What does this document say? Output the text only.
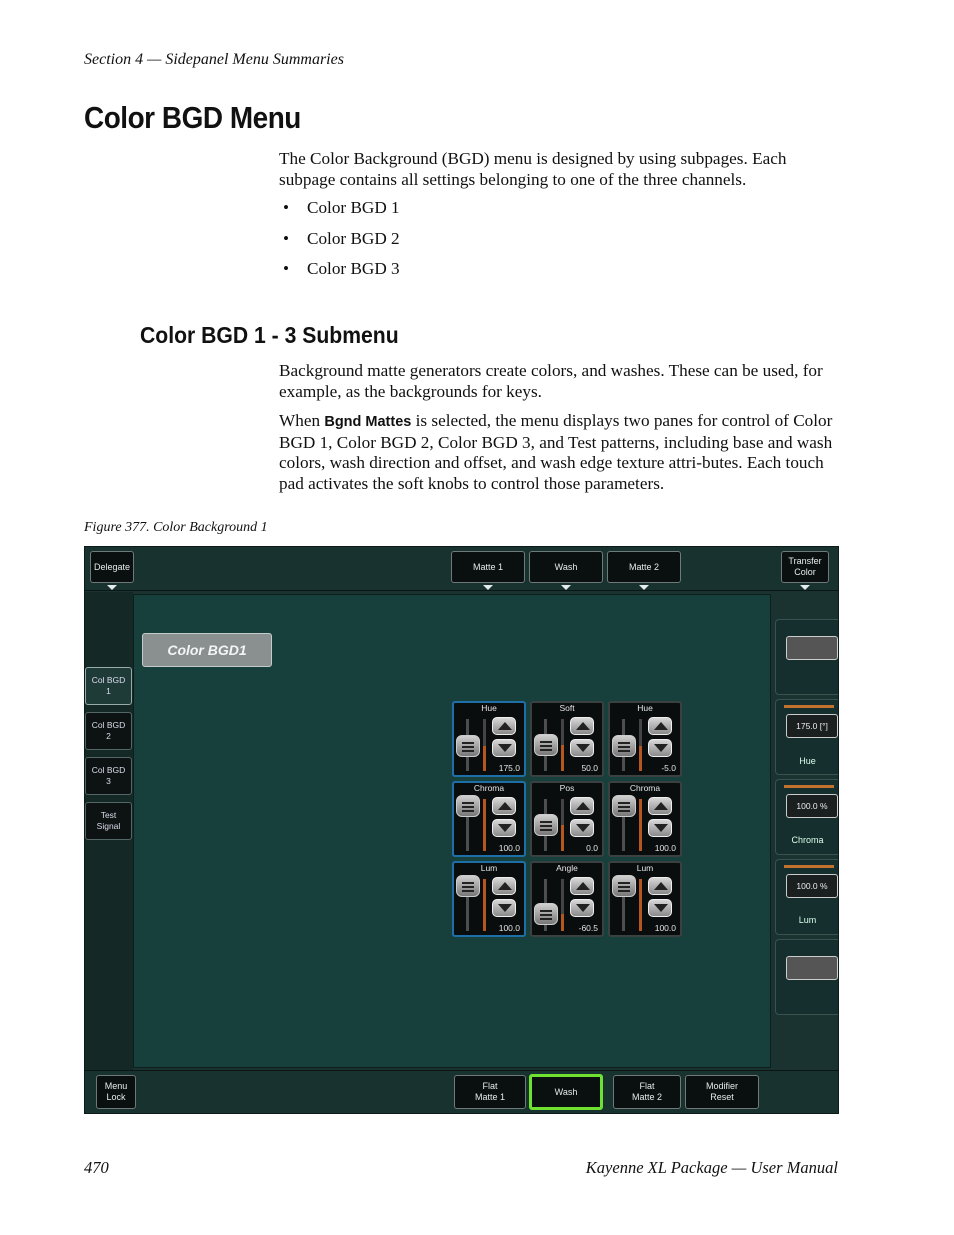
Section 4 — Sidepanel Menu Summaries
Color BGD Menu
The Color Background (BGD) menu is designed by using subpages. Each subpage contains all settings belonging to one of the three channels.
• Color BGD 1
• Color BGD 2
• Color BGD 3
Color BGD 1 - 3 Submenu
Background matte generators create colors, and washes. These can be used, for example, as the backgrounds for keys.
When Bgnd Mattes is selected, the menu displays two panes for control of Color BGD 1, Color BGD 2, Color BGD 3, and Test patterns, including base and wash colors, wash direction and offset, and wash edge texture attri-butes. Each touch pad activates the soft knobs to control those parameters.
Figure 377. Color Background 1
Delegate	Matte 1	Wash	Matte 2
Transfer
Color
Col BGD
1
Col BGD
2
Col BGD
3
Test
Signal
Color BGD1
175.0 [°]
Hue
100.0 %
Chroma
100.0 %
Lum
Menu
Lock
Flat
Matte 1
Wash
Flat
Matte 2
Modifier
Reset
Hue
175.0
Soft
50.0
Hue
-5.0
Chroma
100.0
Pos
0.0
Chroma
100.0
Lum
100.0
Angle
-60.5
Lum
100.0
470	Kayenne XL Package — User Manual
